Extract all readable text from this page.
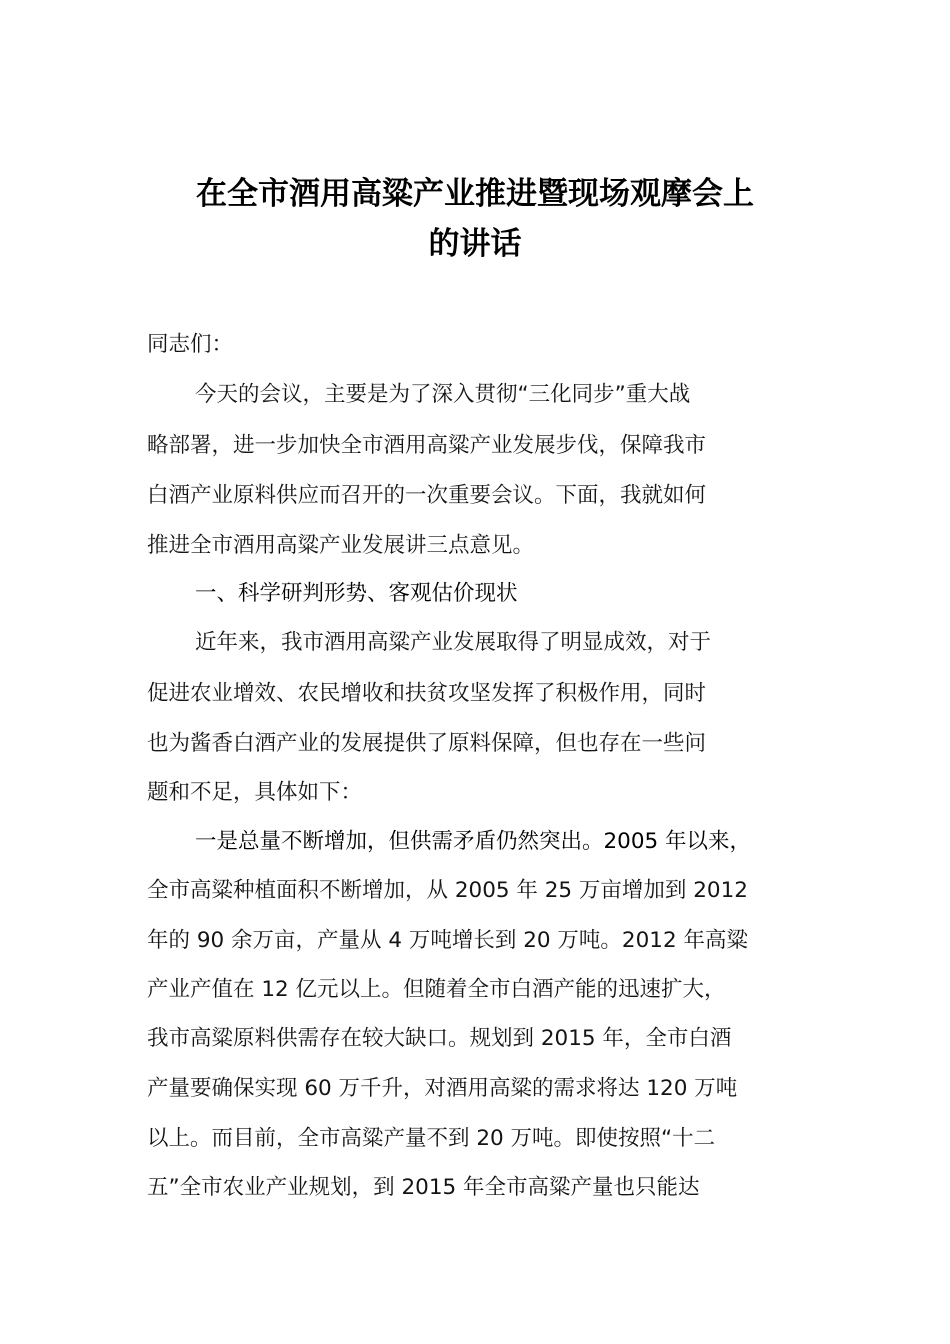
在全市酒用高粱产业推进暨现场观摩会上
的讲话

同志们：

今天的会议，主要是为了深入贯彻“三化同步”重大战

略部署，进一步加快全市酒用高粱产业发展步伐，保障我市

白酒产业原料供应而召开的一次重要会议。下面，我就如何

推进全市酒用高粱产业发展讲三点意见。

一、科学研判形势、客观估价现状

近年来，我市酒用高粱产业发展取得了明显成效，对于

促进农业增效、农民增收和扶贫攻坚发挥了积极作用，同时

也为酱香白酒产业的发展提供了原料保障，但也存在一些问

题和不足，具体如下：

一是总量不断增加，但供需矛盾仍然突出。2005 年以来，

全市高粱种植面积不断增加，从 2005 年 25 万亩增加到 2012

年的 90 余万亩，产量从 4 万吨增长到 20 万吨。2012 年高粱

产业产值在 12 亿元以上。但随着全市白酒产能的迅速扩大，

我市高粱原料供需存在较大缺口。规划到 2015 年，全市白酒

产量要确保实现 60 万千升，对酒用高粱的需求将达 120 万吨

以上。而目前，全市高粱产量不到 20 万吨。即使按照“十二

五”全市农业产业规划，到 2015 年全市高粱产量也只能达
